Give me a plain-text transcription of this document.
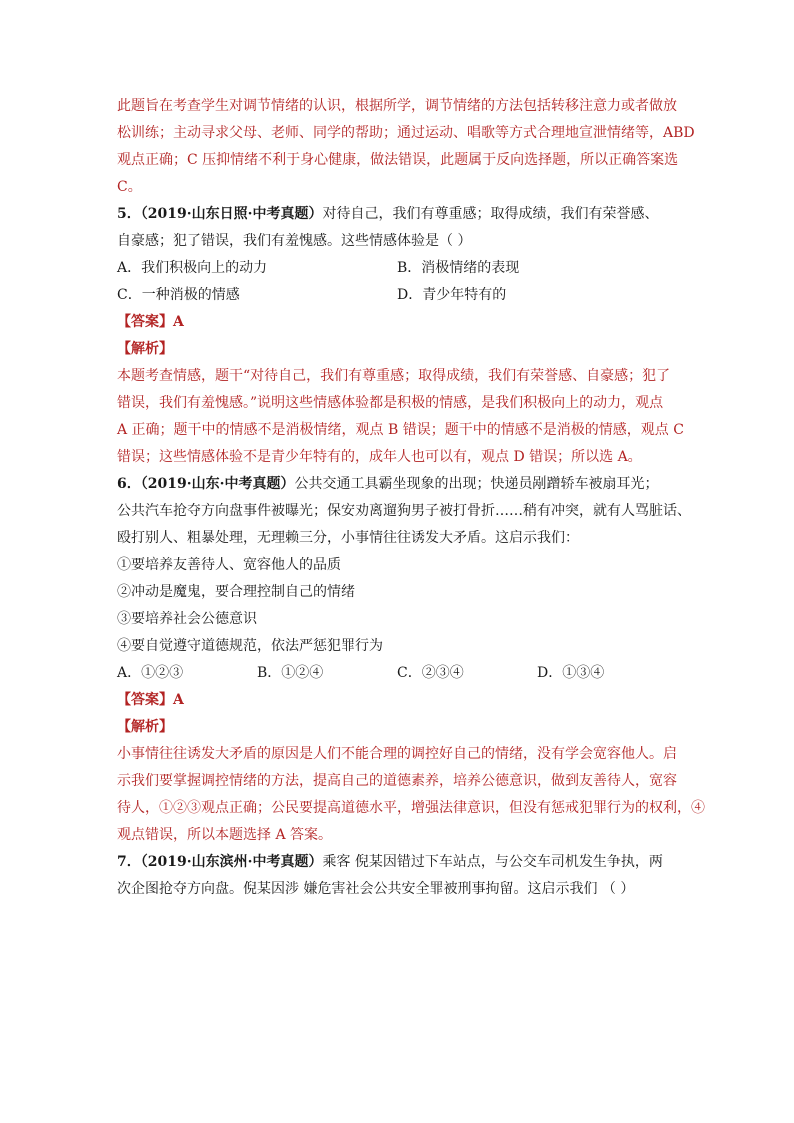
此题旨在考查学生对调节情绪的认识，根据所学，调节情绪的方法包括转移注意力或者做放
松训练；主动寻求父母、老师、同学的帮助；通过运动、唱歌等方式合理地宣泄情绪等，ABD
观点正确；C 压抑情绪不利于身心健康，做法错误，此题属于反向选择题，所以正确答案选
C。
5．（2019·山东日照·中考真题）对待自己，我们有尊重感；取得成绩，我们有荣誉感、
自豪感；犯了错误，我们有羞愧感。这些情感体验是（ ）
A．我们积极向上的动力	B．消极情绪的表现
C．一种消极的情感	D．青少年特有的
【答案】A
【解析】
本题考查情感，题干“对待自己，我们有尊重感；取得成绩，我们有荣誉感、自豪感；犯了
错误，我们有羞愧感。”说明这些情感体验都是积极的情感，是我们积极向上的动力，观点
A 正确；题干中的情感不是消极情绪，观点 B 错误；题干中的情感不是消极的情感，观点 C
错误；这些情感体验不是青少年特有的，成年人也可以有，观点 D 错误；所以选 A。
6．（2019·山东·中考真题）公共交通工具霸坐现象的出现；快递员剐蹭轿车被扇耳光；
公共汽车抢夺方向盘事件被曝光；保安劝离遛狗男子被打骨折……稍有冲突，就有人骂脏话、
殴打别人、粗暴处理，无理赖三分，小事情往往诱发大矛盾。这启示我们：
①要培养友善待人、宽容他人的品质
②冲动是魔鬼，要合理控制自己的情绪
③要培养社会公德意识
④要自觉遵守道德规范，依法严惩犯罪行为
A．①②③	B．①②④	C．②③④	D．①③④
【答案】A
【解析】
小事情往往诱发大矛盾的原因是人们不能合理的调控好自己的情绪，没有学会宽容他人。启
示我们要掌握调控情绪的方法，提高自己的道德素养，培养公德意识，做到友善待人，宽容
待人，①②③观点正确；公民要提高道德水平，增强法律意识，但没有惩戒犯罪行为的权利，④
观点错误，所以本题选择 A 答案。
7．（2019·山东滨州·中考真题）乘客 倪某因错过下车站点，与公交车司机发生争执，两
次企图抢夺方向盘。倪某因涉 嫌危害社会公共安全罪被刑事拘留。这启示我们 （ ）
